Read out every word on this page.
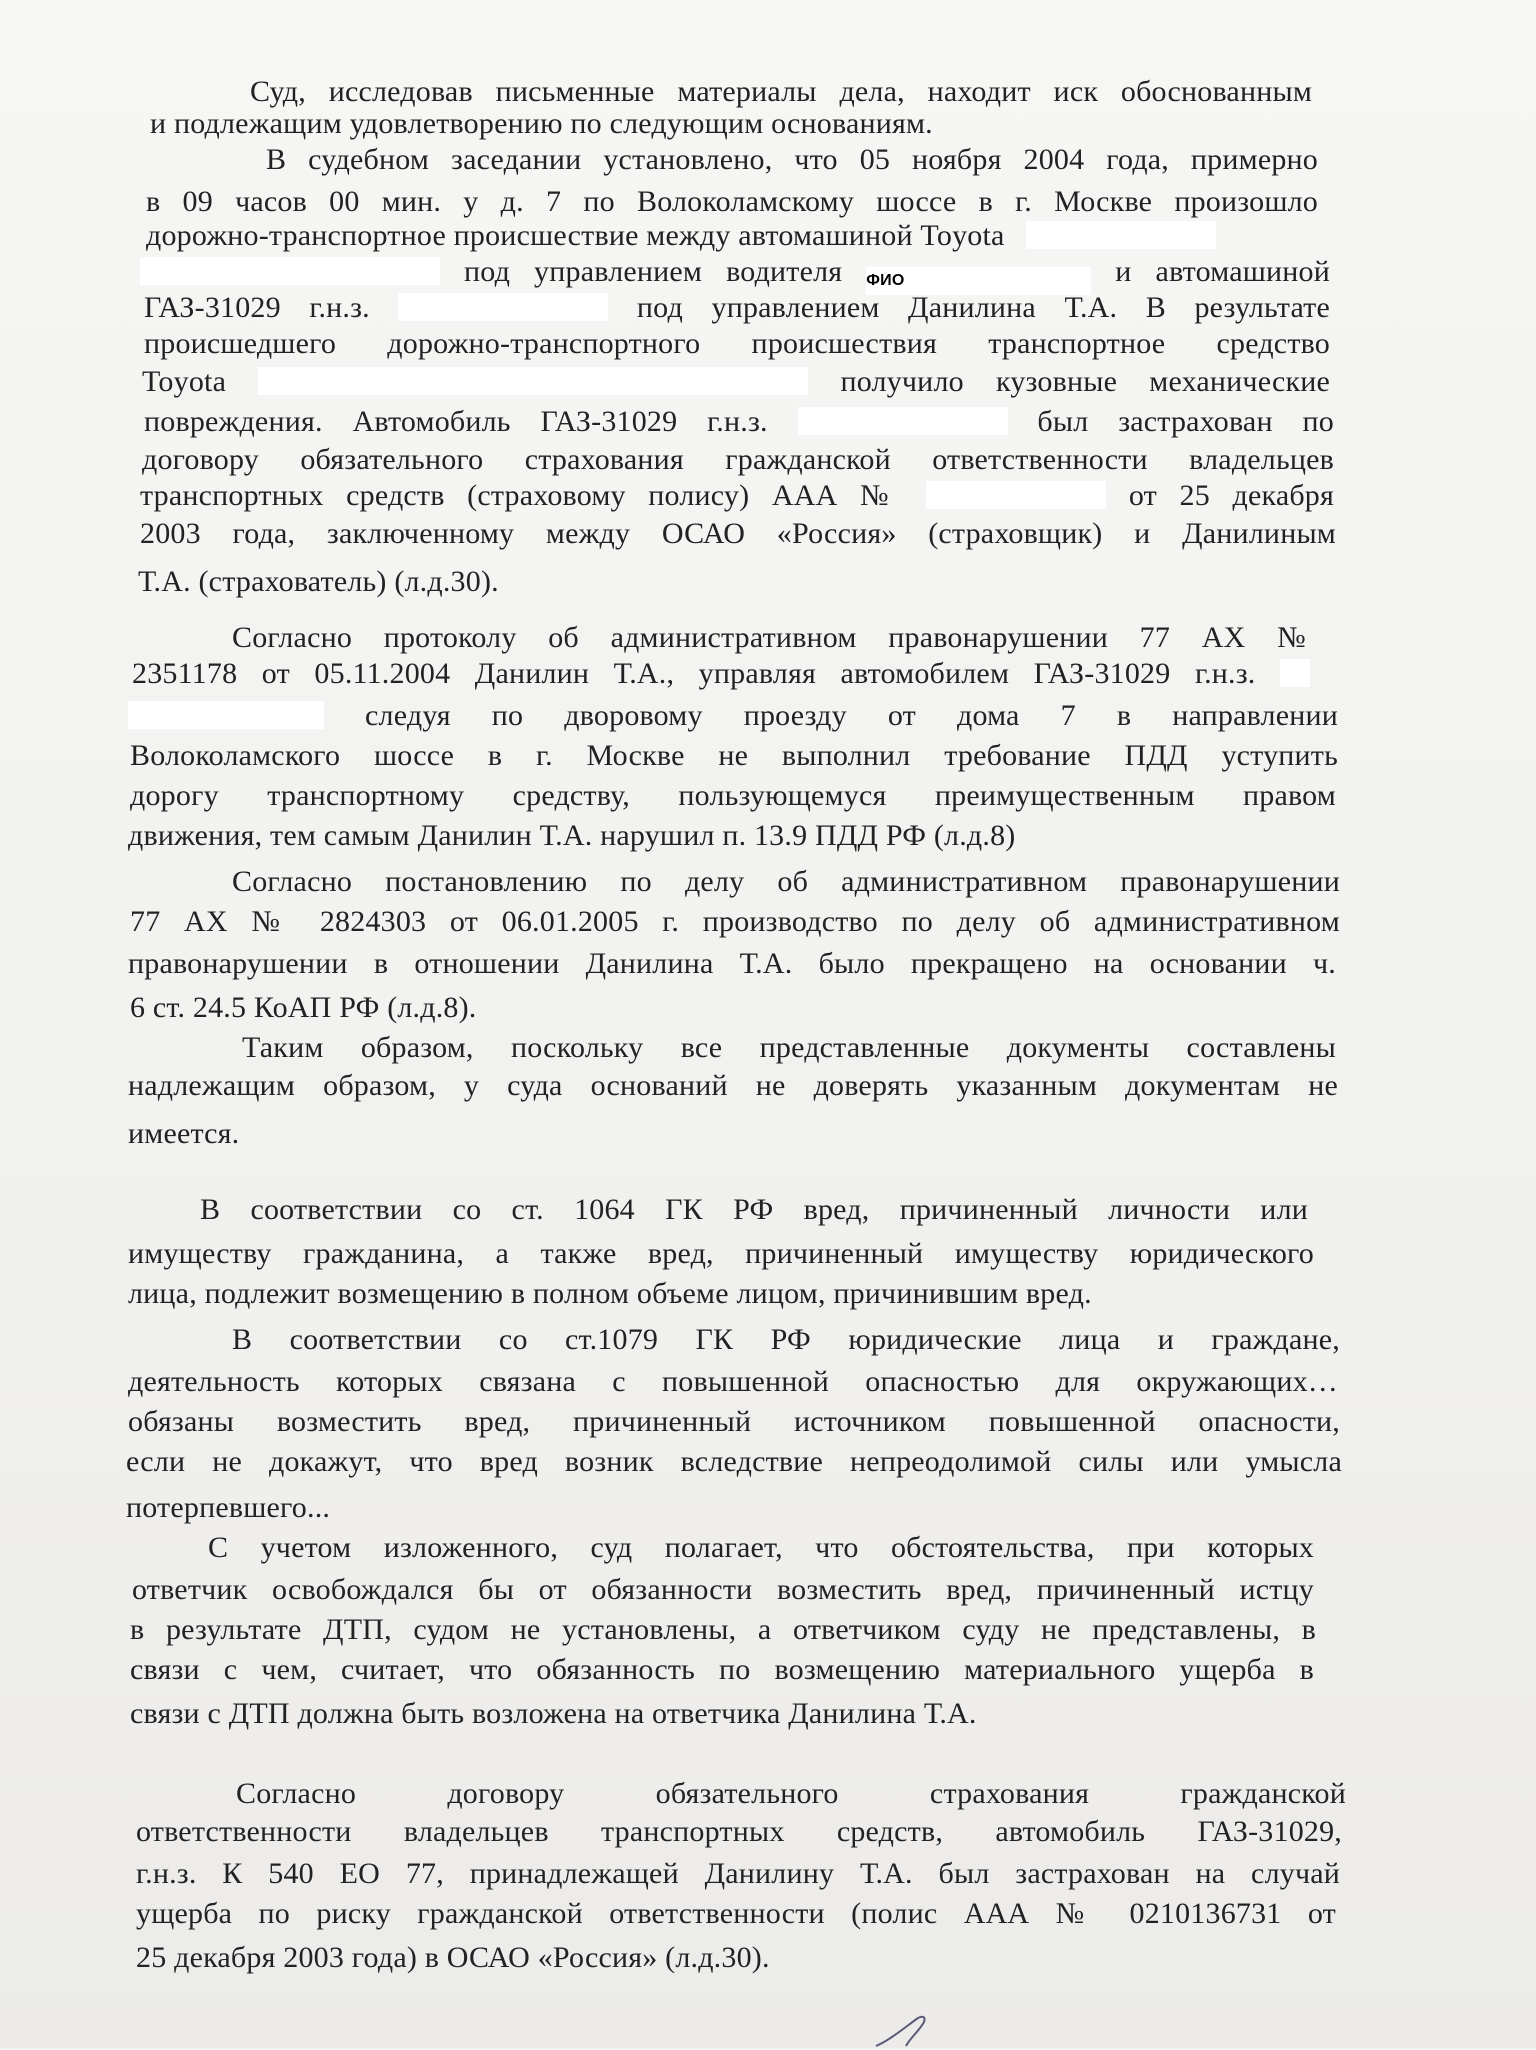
Суд, исследовав письменные материалы дела, находит иск обоснованным
и подлежащим удовлетворению по следующим основаниям.
В судебном заседании установлено, что 05 ноября 2004 года, примерно
в 09 часов 00 мин. у д. 7 по Волоколамскому шоссе в г. Москве произошло
дорожно-транспортное происшествие между автомашиной Toyota
под управлением водителя ФИО	и автомашиной
ГАЗ-31029 г.н.з.	под управлением Данилина Т.А. В результате
происшедшего дорожно-транспортного происшествия транспортное средство
Toyota	получило кузовные механические
повреждения. Автомобиль ГАЗ-31029 г.н.з.	был застрахован по
договору обязательного страхования гражданской ответственности владельцев
транспортных средств (страховому полису) ААА №	от 25 декабря
2003 года, заключенному между ОСАО «Россия» (страховщик) и Данилиным
Т.А. (страхователь) (л.д.30).
Согласно протоколу об административном правонарушении 77 АХ №
2351178 от 05.11.2004 Данилин Т.А., управляя автомобилем ГАЗ-31029 г.н.з.
следуя по дворовому проезду от дома 7 в направлении
Волоколамского шоссе в г. Москве не выполнил требование ПДД уступить
дорогу транспортному средству, пользующемуся преимущественным правом
движения, тем самым Данилин Т.А. нарушил п. 13.9 ПДД РФ (л.д.8)
Согласно постановлению по делу об административном правонарушении
77 АХ № 2824303 от 06.01.2005 г. производство по делу об административном
правонарушении в отношении Данилина Т.А. было прекращено на основании ч.
6 ст. 24.5 КоАП РФ (л.д.8).
Таким образом, поскольку все представленные документы составлены
надлежащим образом, у суда оснований не доверять указанным документам не
имеется.
В соответствии со ст. 1064 ГК РФ вред, причиненный личности или
имуществу гражданина, а также вред, причиненный имуществу юридического
лица, подлежит возмещению в полном объеме лицом, причинившим вред.
В соответствии со ст.1079 ГК РФ юридические лица и граждане,
деятельность которых связана с повышенной опасностью для окружающих…
обязаны возместить вред, причиненный источником повышенной опасности,
если не докажут, что вред возник вследствие непреодолимой силы или умысла
потерпевшего...
С учетом изложенного, суд полагает, что обстоятельства, при которых
ответчик освобождался бы от обязанности возместить вред, причиненный истцу
в результате ДТП, судом не установлены, а ответчиком суду не представлены, в
связи с чем, считает, что обязанность по возмещению материального ущерба в
связи с ДТП должна быть возложена на ответчика Данилина Т.А.
Согласно договору обязательного страхования гражданской
ответственности владельцев транспортных средств, автомобиль ГАЗ-31029,
г.н.з. К 540 ЕО 77, принадлежащей Данилину Т.А. был застрахован на случай
ущерба по риску гражданской ответственности (полис ААА № 0210136731 от
25 декабря 2003 года) в ОСАО «Россия» (л.д.30).
